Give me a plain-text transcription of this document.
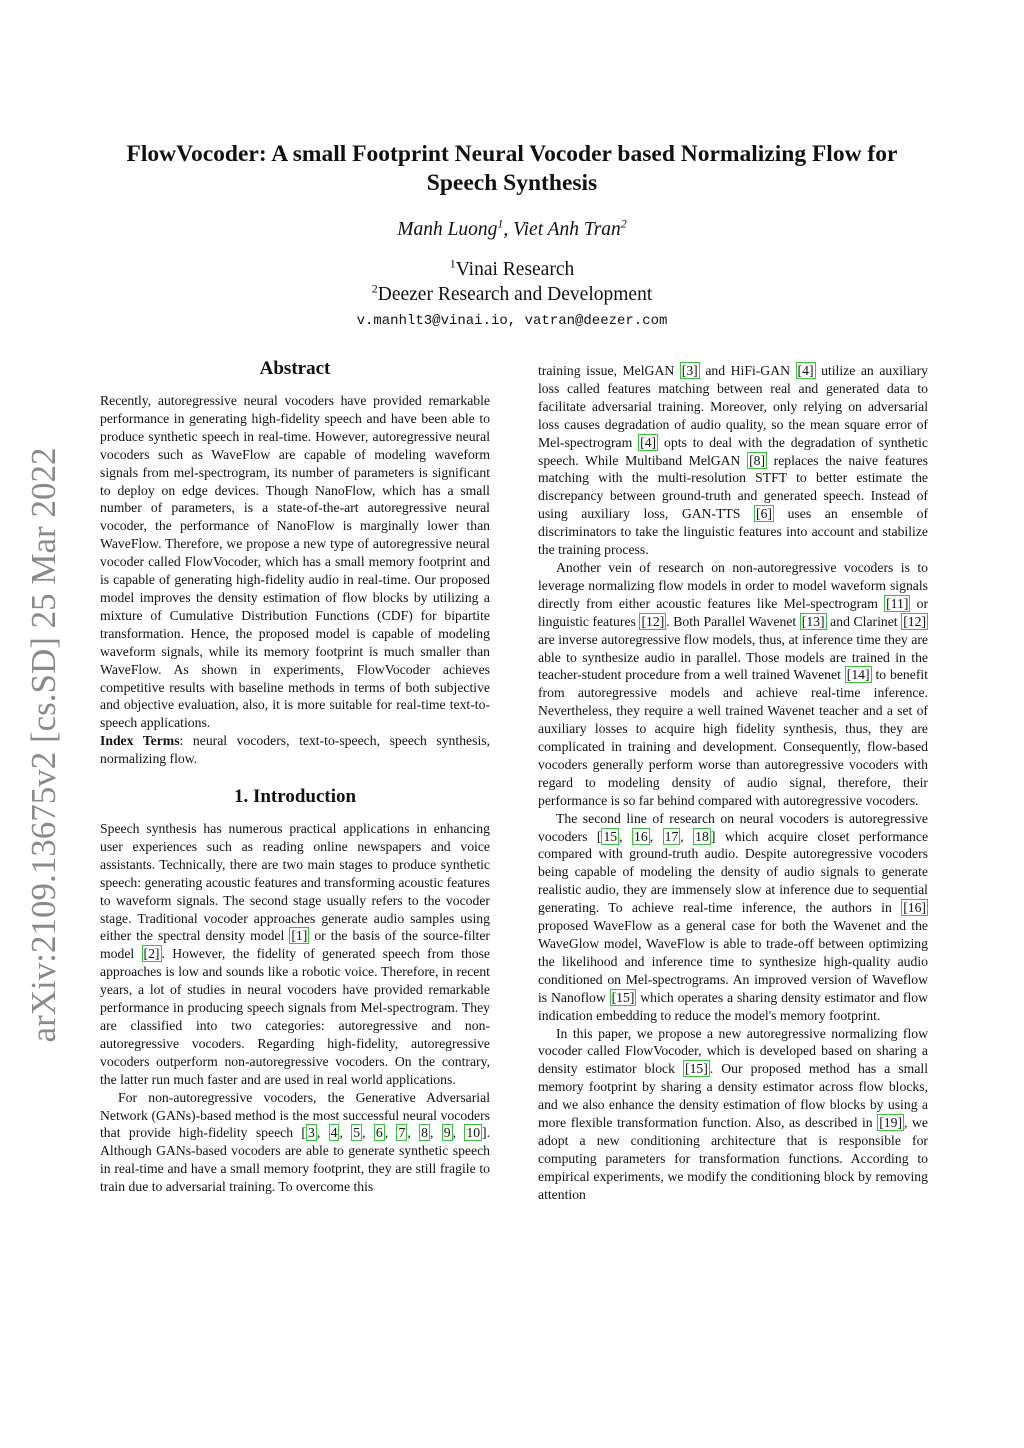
arXiv:2109.13675v2 [cs.SD] 25 Mar 2022
FlowVocoder: A small Footprint Neural Vocoder based Normalizing Flow for
Speech Synthesis
Manh Luong$^1$, Viet Anh Tran$^2$
$^1$Vinai Research
$^2$Deezer Research and Development
v.manhlt3@vinai.io, vatran@deezer.com
Abstract

Recently, autoregressive neural vocoders have provided remarkable performance in generating high-fidelity speech and have been able to produce synthetic speech in real-time. However, autoregressive neural vocoders such as WaveFlow are capable of modeling waveform signals from mel-spectrogram, its number of parameters is significant to deploy on edge devices. Though NanoFlow, which has a small number of parameters, is a state-of-the-art autoregressive neural vocoder, the performance of NanoFlow is marginally lower than WaveFlow. Therefore, we propose a new type of autoregressive neural vocoder called FlowVocoder, which has a small memory footprint and is capable of generating high-fidelity audio in real-time. Our proposed model improves the density estimation of flow blocks by utilizing a mixture of Cumulative Distribution Functions (CDF) for bipartite transformation. Hence, the proposed model is capable of modeling waveform signals, while its memory footprint is much smaller than WaveFlow. As shown in experiments, FlowVocoder achieves competitive results with baseline methods in terms of both subjective and objective evaluation, also, it is more suitable for real-time text-to-speech applications.

Index Terms: neural vocoders, text-to-speech, speech synthesis, normalizing flow.

1. Introduction

Speech synthesis has numerous practical applications in enhancing user experiences such as reading online newspapers and voice assistants. Technically, there are two main stages to produce synthetic speech: generating acoustic features and transforming acoustic features to waveform signals. The second stage usually refers to the vocoder stage. Traditional vocoder approaches generate audio samples using either the spectral density model [1] or the basis of the source-filter model [2] . However, the fidelity of generated speech from those approaches is low and sounds like a robotic voice. Therefore, in recent years, a lot of studies in neural vocoders have provided remarkable performance in producing speech signals from Mel-spectrogram. They are classified into two categories: autoregressive and non-autoregressive vocoders. Regarding high-fidelity, autoregressive vocoders outperform non-autoregressive vocoders. On the contrary, the latter run much faster and are used in real world applications.

For non-autoregressive vocoders, the Generative Adversarial Network (GANs)-based method is the most successful neural vocoders that provide high-fidelity speech [ 3 , 4 , 5 , 6 , 7 , 8 , 9 , 10 ]. Although GANs-based vocoders are able to generate synthetic speech in real-time and have a small memory footprint, they are still fragile to train due to adversarial training. To overcome this

training issue, MelGAN [3] and HiFi-GAN [4] utilize an auxiliary loss called features matching between real and generated data to facilitate adversarial training. Moreover, only relying on adversarial loss causes degradation of audio quality, so the mean square error of Mel-spectrogram [4] opts to deal with the degradation of synthetic speech. While Multiband MelGAN [8] replaces the naive features matching with the multi-resolution STFT to better estimate the discrepancy between ground-truth and generated speech. Instead of using auxiliary loss, GAN-TTS [6] uses an ensemble of discriminators to take the linguistic features into account and stabilize the training process.

Another vein of research on non-autoregressive vocoders is to leverage normalizing flow models in order to model waveform signals directly from either acoustic features like Mel-spectrogram [11] or linguistic features [12] . Both Parallel Wavenet [13] and Clarinet [12] are inverse autoregressive flow models, thus, at inference time they are able to synthesize audio in parallel. Those models are trained in the teacher-student procedure from a well trained Wavenet [14] to benefit from autoregressive models and achieve real-time inference. Nevertheless, they require a well trained Wavenet teacher and a set of auxiliary losses to acquire high fidelity synthesis, thus, they are complicated in training and development. Consequently, flow-based vocoders generally perform worse than autoregressive vocoders with regard to modeling density of audio signal, therefore, their performance is so far behind compared with autoregressive vocoders.

The second line of research on neural vocoders is autoregressive vocoders [ 15 , 16 , 17 , 18 ] which acquire closet performance compared with ground-truth audio. Despite autoregressive vocoders being capable of modeling the density of audio signals to generate realistic audio, they are immensely slow at inference due to sequential generating. To achieve real-time inference, the authors in [16] proposed WaveFlow as a general case for both the Wavenet and the WaveGlow model, WaveFlow is able to trade-off between optimizing the likelihood and inference time to synthesize high-quality audio conditioned on Mel-spectrograms. An improved version of Waveflow is Nanoflow [15] which operates a sharing density estimator and flow indication embedding to reduce the model's memory footprint.

In this paper, we propose a new autoregressive normalizing flow vocoder called FlowVocoder, which is developed based on sharing a density estimator block [15] . Our proposed method has a small memory footprint by sharing a density estimator across flow blocks, and we also enhance the density estimation of flow blocks by using a more flexible transformation function. Also, as described in [19] , we adopt a new conditioning architecture that is responsible for computing parameters for transformation functions. According to empirical experiments, we modify the conditioning block by removing attention
